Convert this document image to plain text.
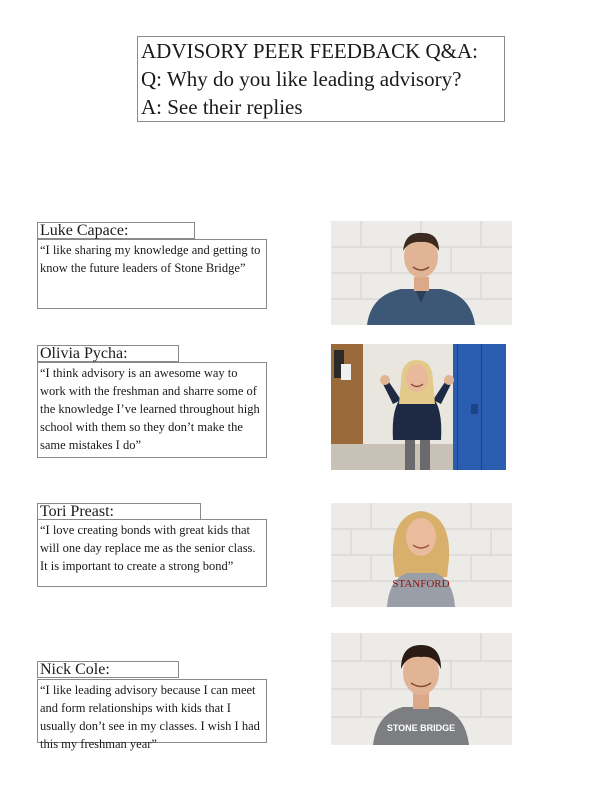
ADVISORY PEER FEEDBACK Q&A:
Q: Why do you like leading advisory?
A: See their replies
Luke Capace:
“I like sharing my knowledge and getting to know the future leaders of Stone Bridge”
Olivia Pycha:
“I think advisory is an awesome way to work with the freshman and sharre some of the knowledge I’ve learned throughout high school with them so they don’t make the same mistakes I do”
Tori Preast:
“I love creating bonds with great kids that will one day replace me as the senior class. It is important to create a strong bond”
STANFORD
Nick Cole:
“I like leading advisory because I can meet and form relationships with kids that I usually don’t see in my classes. I wish I had this my freshman year”
STONE BRIDGE
